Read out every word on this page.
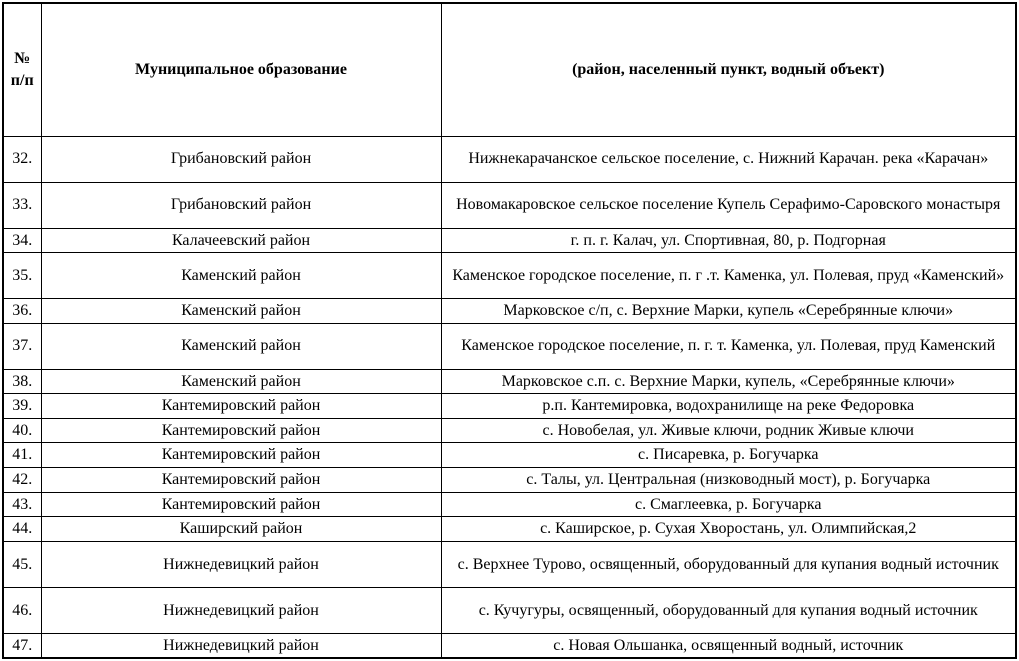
№ п/п	Муниципальное образование	(район, населенный пункт, водный объект)
32.	Грибановский район	Нижнекарачанское сельское поселение, с. Нижний Карачан. река «Карачан»
33.	Грибановский район	Новомакаровское сельское поселение Купель Серафимо-Саровского монастыря
34.	Калачеевский район	г. п. г. Калач, ул. Спортивная, 80, р. Подгорная
35.	Каменский район	Каменское городское поселение, п. г .т. Каменка, ул. Полевая, пруд «Каменский»
36.	Каменский район	Марковское с/п, с. Верхние Марки, купель «Серебрянные ключи»
37.	Каменский район	Каменское городское поселение, п. г. т. Каменка, ул. Полевая, пруд Каменский
38.	Каменский район	Марковское с.п. с. Верхние Марки, купель, «Серебрянные ключи»
39.	Кантемировский район	р.п. Кантемировка, водохранилище на реке Федоровка
40.	Кантемировский район	с. Новобелая, ул. Живые ключи, родник Живые ключи
41.	Кантемировский район	с. Писаревка, р. Богучарка
42.	Кантемировский район	с. Талы, ул. Центральная (низководный мост), р. Богучарка
43.	Кантемировский район	с. Смаглеевка, р. Богучарка
44.	Каширский район	с. Каширское, р. Сухая Хворостань, ул. Олимпийская,2
45.	Нижнедевицкий район	с. Верхнее Турово, освященный, оборудованный для купания водный источник
46.	Нижнедевицкий район	с. Кучугуры, освященный, оборудованный для купания водный источник
47.	Нижнедевицкий район	с. Новая Ольшанка, освященный водный, источник
